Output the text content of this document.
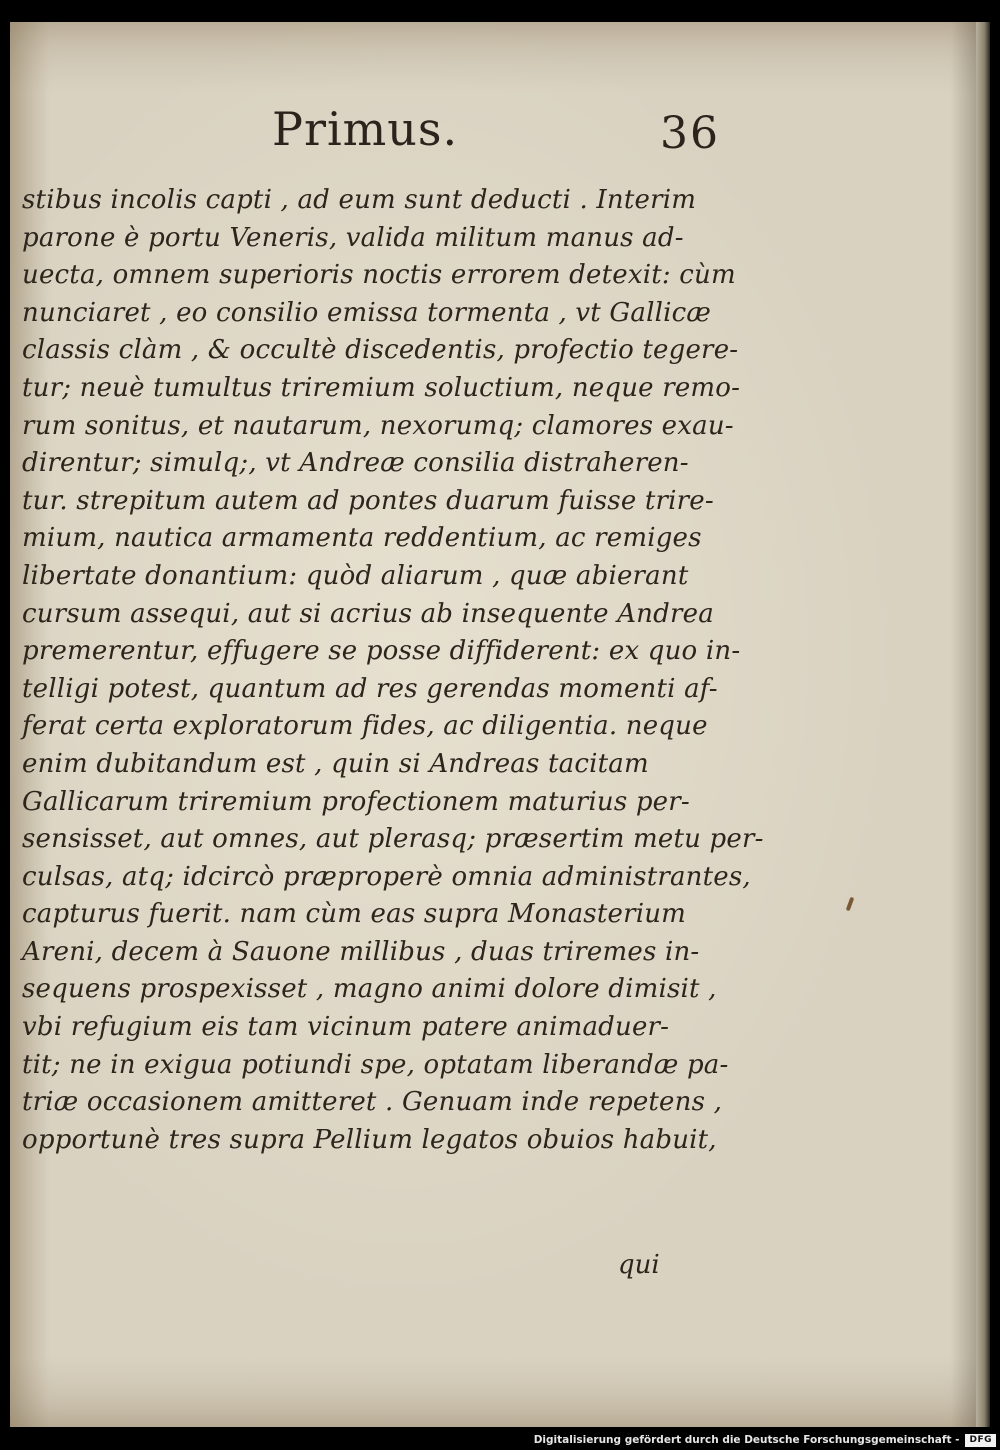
Primus.	36
stibus incolis capti , ad eum sunt deducti . Interim
parone è portu Veneris, valida militum manus ad-
uecta, omnem superioris noctis errorem detexit: cùm
nunciaret , eo consilio emissa tormenta , vt Gallicæ
classis clàm , & occultè discedentis, profectio tegere-
tur; neuè tumultus triremium soluctium, neque remo-
rum sonitus, et nautarum, nexorumq; clamores exau-
direntur; simulq;, vt Andreæ consilia distraheren-
tur. strepitum autem ad pontes duarum fuisse trire-
mium, nautica armamenta reddentium, ac remiges
libertate donantium: quòd aliarum , quæ abierant
cursum assequi, aut si acrius ab insequente Andrea
premerentur, effugere se posse diffiderent: ex quo in-
telligi potest, quantum ad res gerendas momenti af-
ferat certa exploratorum fides, ac diligentia. neque
enim dubitandum est , quin si Andreas tacitam
Gallicarum triremium profectionem maturius per-
sensisset, aut omnes, aut plerasq; præsertim metu per-
culsas, atq; idcircò præproperè omnia administrantes,
capturus fuerit. nam cùm eas supra Monasterium
Areni, decem à Sauone millibus , duas triremes in-
sequens prospexisset , magno animi dolore dimisit ,
vbi refugium eis tam vicinum patere animaduer-
tit; ne in exigua potiundi spe, optatam liberandæ pa-
triæ occasionem amitteret . Genuam inde repetens ,
opportunè tres supra Pellium legatos obuios habuit,
qui
Digitalisierung gefördert durch die Deutsche Forschungsgemeinschaft -	DFG
